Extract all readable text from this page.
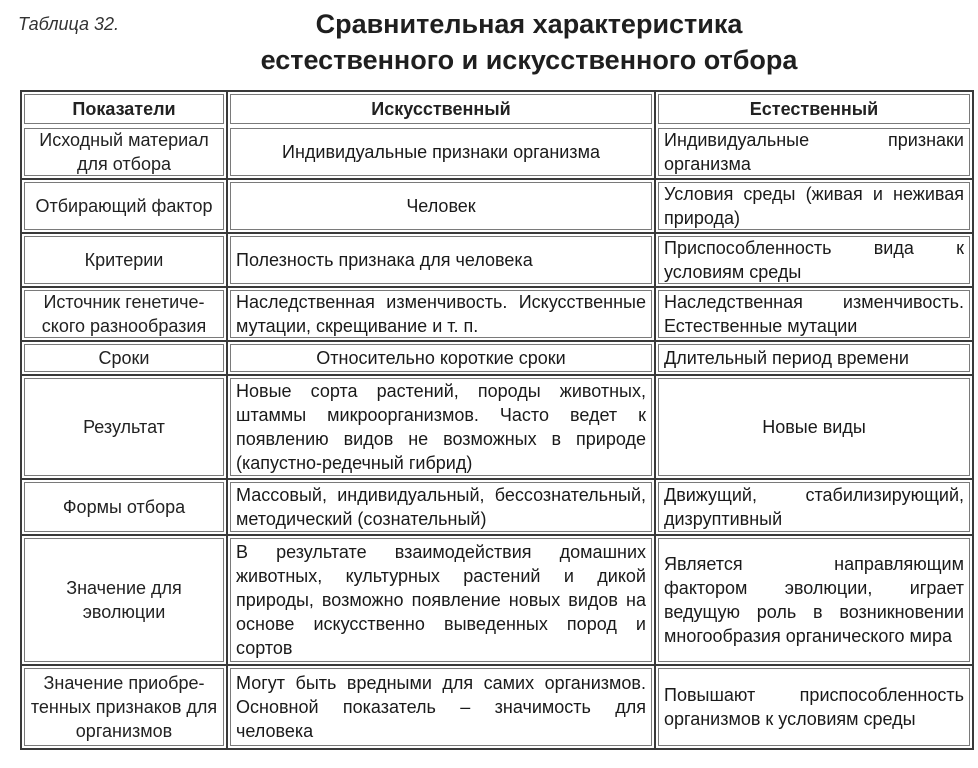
Таблица 32.	Сравнительная характеристика
естественного и искусственного отбора
Показатели	Искусственный	Естественный
Исходный материал для отбора	Индивидуальные признаки организма	Индивидуальные признаки организма
Отбирающий фактор	Человек	Условия среды (живая и неживая природа)
Критерии	Полезность признака для человека	Приспособленность вида к условиям среды
Источник генетического разнообразия	Наследственная изменчивость. Искусственные мутации, скрещивание и т. п.	Наследственная изменчивость. Естественные мутации
Сроки	Относительно короткие сроки	Длительный период времени
Результат	Новые сорта растений, породы животных, штаммы микроорганизмов. Часто ведет к появлению видов не возможных в природе (капустно-редечный гибрид)	Новые виды
Формы отбора	Массовый, индивидуальный, бессознательный, методический (сознательный)	Движущий, стабилизирующий, дизруптивный
Значение для эволюции	В результате взаимодействия домашних животных, культурных растений и дикой природы, возможно появление новых видов на основе искусственно выведенных пород и сортов	Является направляющим фактором эволюции, играет ведущую роль в возникновении многообразия органического мира
Значение приобретенных признаков для организмов	Могут быть вредными для самих организмов. Основной показатель – значимость для человека	Повышают приспособленность организмов к условиям среды
